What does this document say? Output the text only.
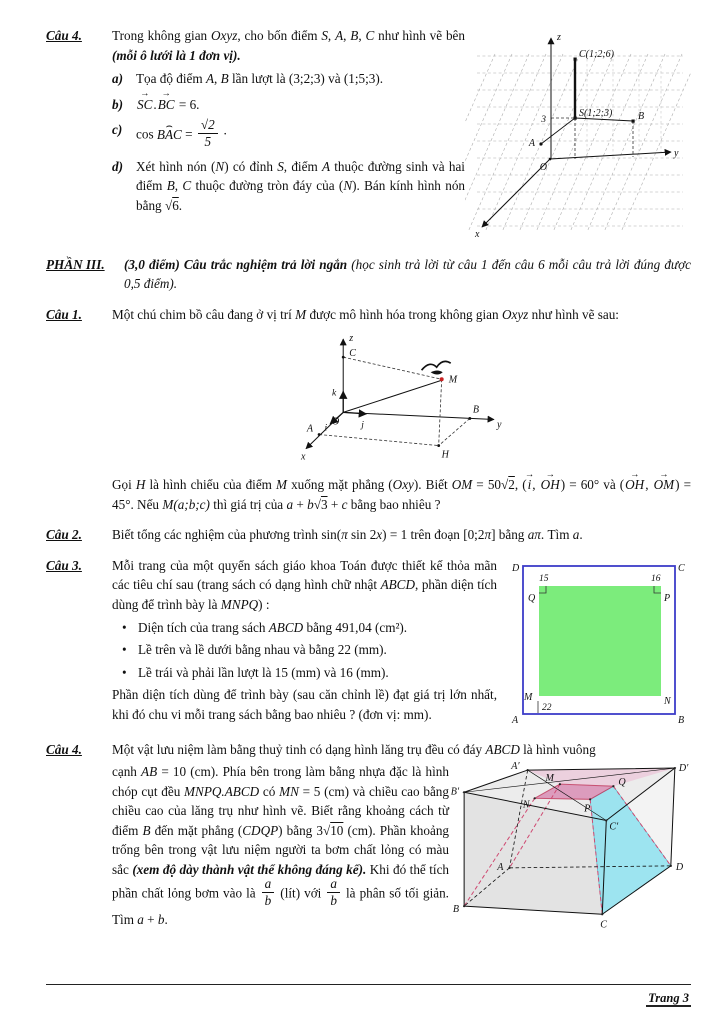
Câu 4.	z
y
x
O
A
B
3
C(1;2;6)
S(1;2;3)

Trong không gian Oxyz, cho bốn điểm S, A, B, C như hình vẽ bên (mỗi ô lưới là 1 đơn vị).

a) Tọa độ điểm A, B lần lượt là (3;2;3) và (1;5;3).
b)	SC →.BC → = 6.
c)	cos BAC ⌢ = $\frac{√2}{5}$ ·
d) Xét hình nón (N) có đỉnh S, điểm A thuộc đường sinh và hai điểm B, C thuộc đường tròn đáy của (N). Bán kính hình nón bằng √6.
PHẦN III.	(3,0 điểm) Câu trắc nghiệm trả lời ngắn (học sinh trả lời từ câu 1 đến câu 6 mỗi câu trả lời đúng được 0,5 điểm).

Câu 1.	Một chú chim bồ câu đang ở vị trí M được mô hình hóa trong không gian Oxyz như hình vẽ sau:

z
y
x
O
C
M
H
A
B
k
j
i

Gọi H là hình chiếu của điểm M xuống mặt phẳng (Oxy). Biết OM = 50√2, (i →, OH →) = 60° và (OH →, OM →) = 45°. Nếu M(a;b;c) thì giá trị của a + b√3 + c bằng bao nhiêu ?

Câu 2.	Biết tổng các nghiệm của phương trình sin(π sin 2x) = 1 trên đoạn [0;2π] bằng aπ. Tìm a.

Câu 3.	Mỗi trang của một quyển sách giáo khoa Toán được thiết kế thỏa mãn các tiêu chí sau (trang sách có dạng hình chữ nhật ABCD, phần diện tích dùng để trình bày là MNPQ) :

• Diện tích của trang sách ABCD bằng 491,04 (cm²).
• Lề trên và lề dưới bằng nhau và bằng 22 (mm).
• Lề trái và phải lần lượt là 15 (mm) và 16 (mm).

Phần diện tích dùng để trình bày (sau căn chỉnh lề) đạt giá trị lớn nhất, khi đó chu vi mỗi trang sách bằng bao nhiêu ? (đơn vị: mm).

D	C
A	B
Q	P
M	N
15	16
22
Câu 4.	Một vật lưu niệm làm bằng thuỷ tinh có dạng hình lăng trụ đều có đáy ABCD là hình vuông

A′	D′
B′
C′
M	Q
N	P
A	D
B
C

cạnh AB = 10 (cm). Phía bên trong làm bằng nhựa đặc là hình chóp cụt đều MNPQ.ABCD có MN = 5 (cm) và chiều cao bằng chiều cao của lăng trụ như hình vẽ. Biết rằng khoảng cách từ điểm B đến mặt phẳng (CDQP) bằng 3√10 (cm). Phần khoảng trống bên trong vật lưu niệm người ta bơm chất lỏng có màu sắc (xem độ dày thành vật thể không đáng kể). Khi đó thể tích phần chất lỏng bơm vào là $\frac{a}{b}$ (lít) với $\frac{a}{b}$ là phân số tối giản. Tìm a + b.

Trang 3
